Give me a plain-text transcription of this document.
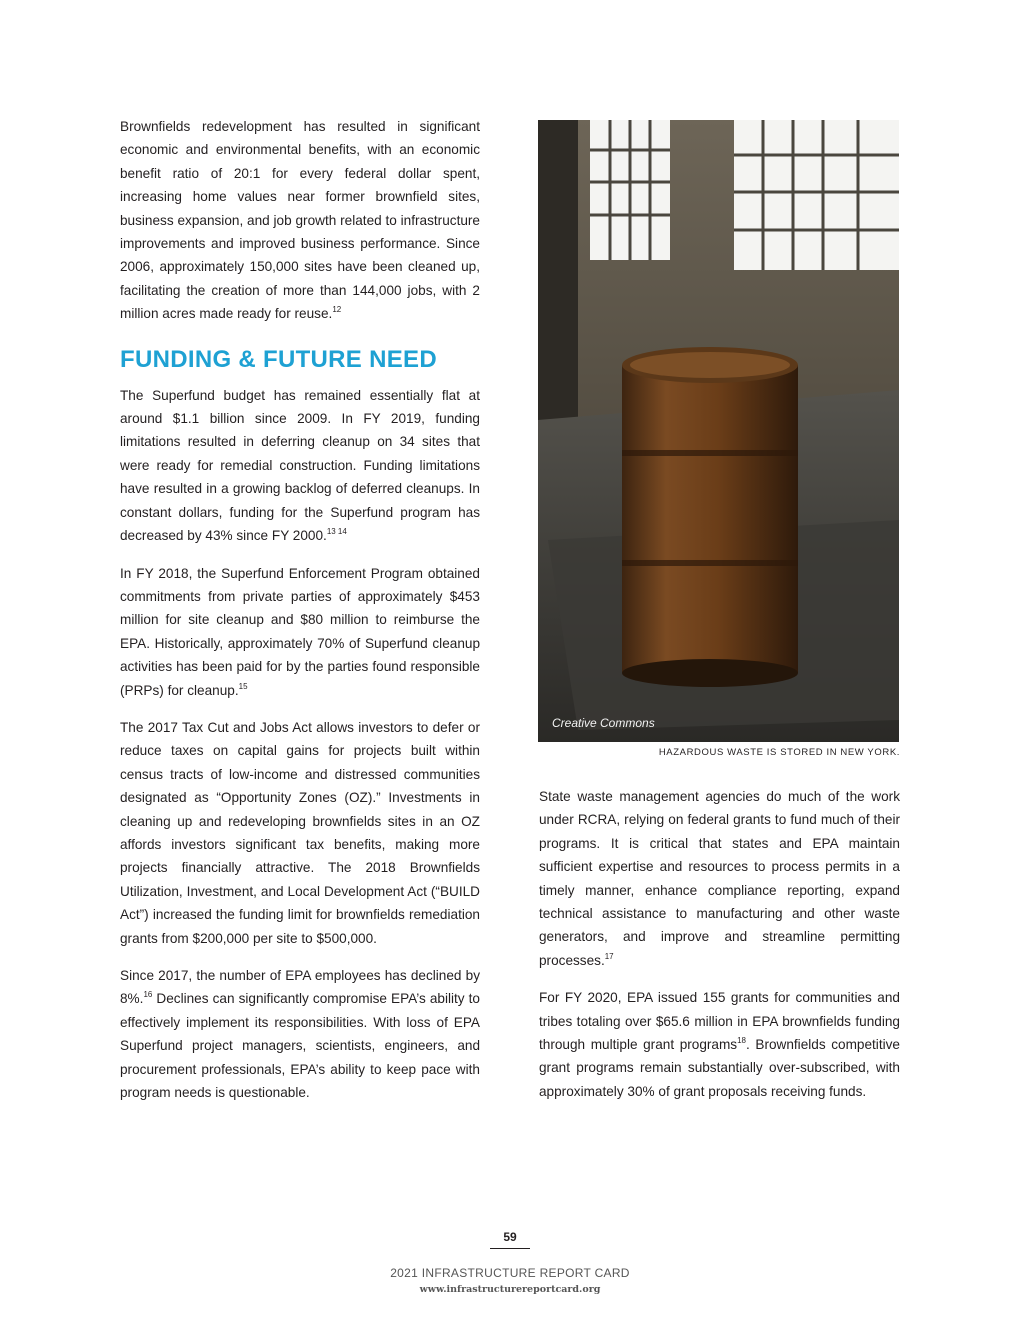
Brownfields redevelopment has resulted in significant economic and environmental benefits, with an economic benefit ratio of 20:1 for every federal dollar spent, increasing home values near former brownfield sites, business expansion, and job growth related to infrastructure improvements and improved business performance. Since 2006, approximately 150,000 sites have been cleaned up, facilitating the creation of more than 144,000 jobs, with 2 million acres made ready for reuse.$^{12}$

FUNDING & FUTURE NEED

The Superfund budget has remained essentially flat at around $1.1 billion since 2009. In FY 2019, funding limitations resulted in deferring cleanup on 34 sites that were ready for remedial construction. Funding limitations have resulted in a growing backlog of deferred cleanups. In constant dollars, funding for the Superfund program has decreased by 43% since FY 2000.$^{13 14}$

In FY 2018, the Superfund Enforcement Program obtained commitments from private parties of approximately $453 million for site cleanup and $80 million to reimburse the EPA. Historically, approximately 70% of Superfund cleanup activities has been paid for by the parties found responsible (PRPs) for cleanup.$^{15}$

The 2017 Tax Cut and Jobs Act allows investors to defer or reduce taxes on capital gains for projects built within census tracts of low-income and distressed communities designated as “Opportunity Zones (OZ).” Investments in cleaning up and redeveloping brownfields sites in an OZ affords investors significant tax benefits, making more projects financially attractive. The 2018 Brownfields Utilization, Investment, and Local Development Act (“BUILD Act”) increased the funding limit for brownfields remediation grants from $200,000 per site to $500,000.

Since 2017, the number of EPA employees has declined by 8%.$^{16}$ Declines can significantly compromise EPA’s ability to effectively implement its responsibilities. With loss of EPA Superfund project managers, scientists, engineers, and procurement professionals, EPA’s ability to keep pace with program needs is questionable.

Creative Commons
HAZARDOUS WASTE IS STORED IN NEW YORK.

State waste management agencies do much of the work under RCRA, relying on federal grants to fund much of their programs. It is critical that states and EPA maintain sufficient expertise and resources to process permits in a timely manner, enhance compliance reporting, expand technical assistance to manufacturing and other waste generators, and improve and streamline permitting processes.$^{17}$

For FY 2020, EPA issued 155 grants for communities and tribes totaling over $65.6 million in EPA brownfields funding through multiple grant programs$^{18}$. Brownfields competitive grant programs remain substantially over-subscribed, with approximately 30% of grant proposals receiving funds.

59
2021 INFRASTRUCTURE REPORT CARD
www.infrastructurereportcard.org
